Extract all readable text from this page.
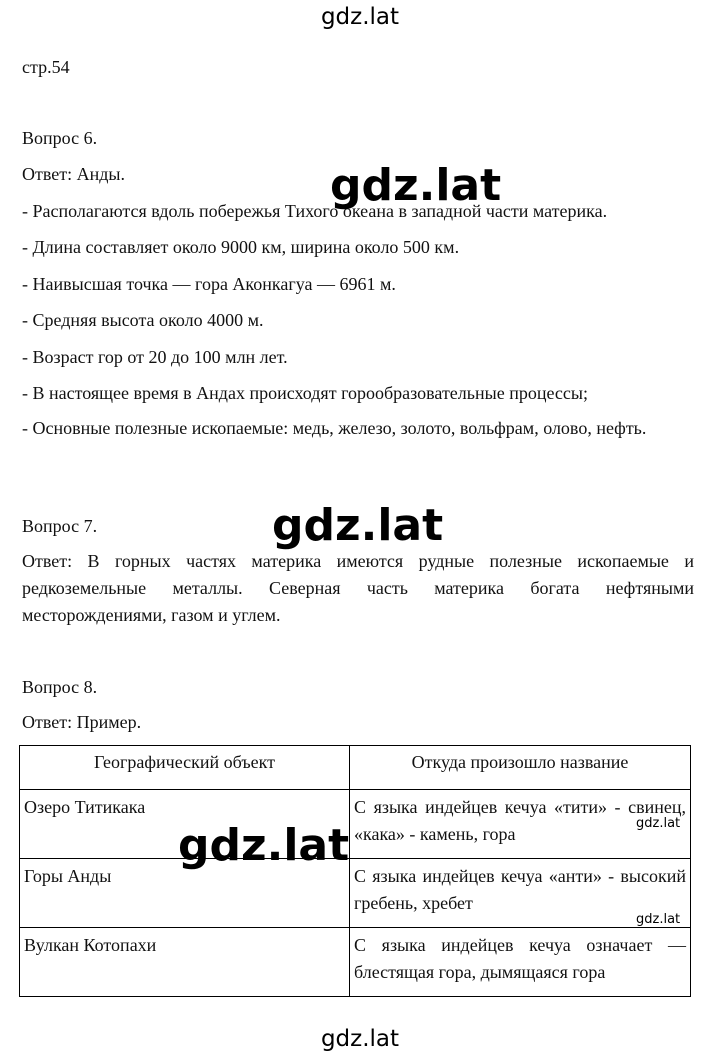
gdz.lat
стр.54
Вопрос 6.
Ответ: Анды.
- Располагаются вдоль побережья Тихого океана в западной части материка.
- Длина составляет около 9000 км, ширина около 500 км.
- Наивысшая точка — гора Аконкагуа — 6961 м.
- Средняя высота около 4000 м.
- Возраст гор от 20 до 100 млн лет.
- В настоящее время в Андах происходят горообразовательные процессы;
- Основные полезные ископаемые: медь, железо, золото, вольфрам, олово, нефть.
Вопрос 7.
Ответ: В горных частях материка имеются рудные полезные ископаемые и редкоземельные металлы. Северная часть материка богата нефтяными месторождениями, газом и углем.
Вопрос 8.
Ответ: Пример.
Географический объект	Откуда произошло название
Озеро Титикака	С языка индейцев кечуа «тити» - свинец, «кака» - камень, гора
Горы Анды	С языка индейцев кечуа «анти» - высокий гребень, хребет
Вулкан Котопахи	С языка индейцев кечуа означает — блестящая гора, дымящаяся гора
gdz.lat
gdz.lat
gdz.lat	gdz.lat
gdz.lat
gdz.lat
